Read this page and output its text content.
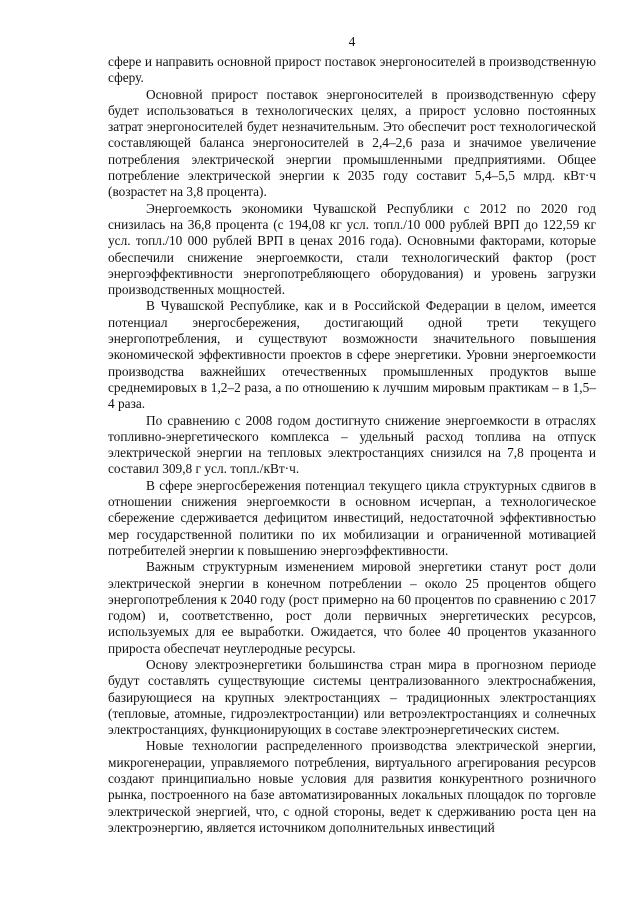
4

сфере и направить основной прирост поставок энергоносителей в производственную сферу.

Основной прирост поставок энергоносителей в производственную сферу будет использоваться в технологических целях, а прирост условно постоянных затрат энергоносителей будет незначительным. Это обеспечит рост технологической составляющей баланса энергоносителей в 2,4–2,6 раза и значимое увеличение потребления электрической энергии промышленными предприятиями. Общее потребление электрической энергии к 2035 году составит 5,4–5,5 млрд. кВт·ч (возрастет на 3,8 процента).

Энергоемкость экономики Чувашской Республики с 2012 по 2020 год снизилась на 36,8 процента (с 194,08 кг усл. топл./10 000 рублей ВРП до 122,59 кг усл. топл./10 000 рублей ВРП в ценах 2016 года). Основными факторами, которые обеспечили снижение энергоемкости, стали технологический фактор (рост энергоэффективности энергопотребляющего оборудования) и уровень загрузки производственных мощностей.

В Чувашской Республике, как и в Российской Федерации в целом, имеется потенциал энергосбережения, достигающий одной трети текущего энергопотребления, и существуют возможности значительного повышения экономической эффективности проектов в сфере энергетики. Уровни энергоемкости производства важнейших отечественных промышленных продуктов выше среднемировых в 1,2–2 раза, а по отношению к лучшим мировым практикам – в 1,5–4 раза.

По сравнению с 2008 годом достигнуто снижение энергоемкости в отраслях топливно-энергетического комплекса – удельный расход топлива на отпуск электрической энергии на тепловых электростанциях снизился на 7,8 процента и составил 309,8 г усл. топл./кВт·ч.

В сфере энергосбережения потенциал текущего цикла структурных сдвигов в отношении снижения энергоемкости в основном исчерпан, а технологическое сбережение сдерживается дефицитом инвестиций, недостаточной эффективностью мер государственной политики по их мобилизации и ограниченной мотивацией потребителей энергии к повышению энергоэффективности.

Важным структурным изменением мировой энергетики станут рост доли электрической энергии в конечном потреблении – около 25 процентов общего энергопотребления к 2040 году (рост примерно на 60 процентов по сравнению с 2017 годом) и, соответственно, рост доли первичных энергетических ресурсов, используемых для ее выработки. Ожидается, что более 40 процентов указанного прироста обеспечат неуглеродные ресурсы.

Основу электроэнергетики большинства стран мира в прогнозном периоде будут составлять существующие системы централизованного электроснабжения, базирующиеся на крупных электростанциях – традиционных электростанциях (тепловые, атомные, гидроэлектростанции) или ветроэлектростанциях и солнечных электростанциях, функционирующих в составе электроэнергетических систем.

Новые технологии распределенного производства электрической энергии, микрогенерации, управляемого потребления, виртуального агрегирования ресурсов создают принципиально новые условия для развития конкурентного розничного рынка, построенного на базе автоматизированных локальных площадок по торговле электрической энергией, что, с одной стороны, ведет к сдерживанию роста цен на электроэнергию, является источником дополнительных инвестиций
